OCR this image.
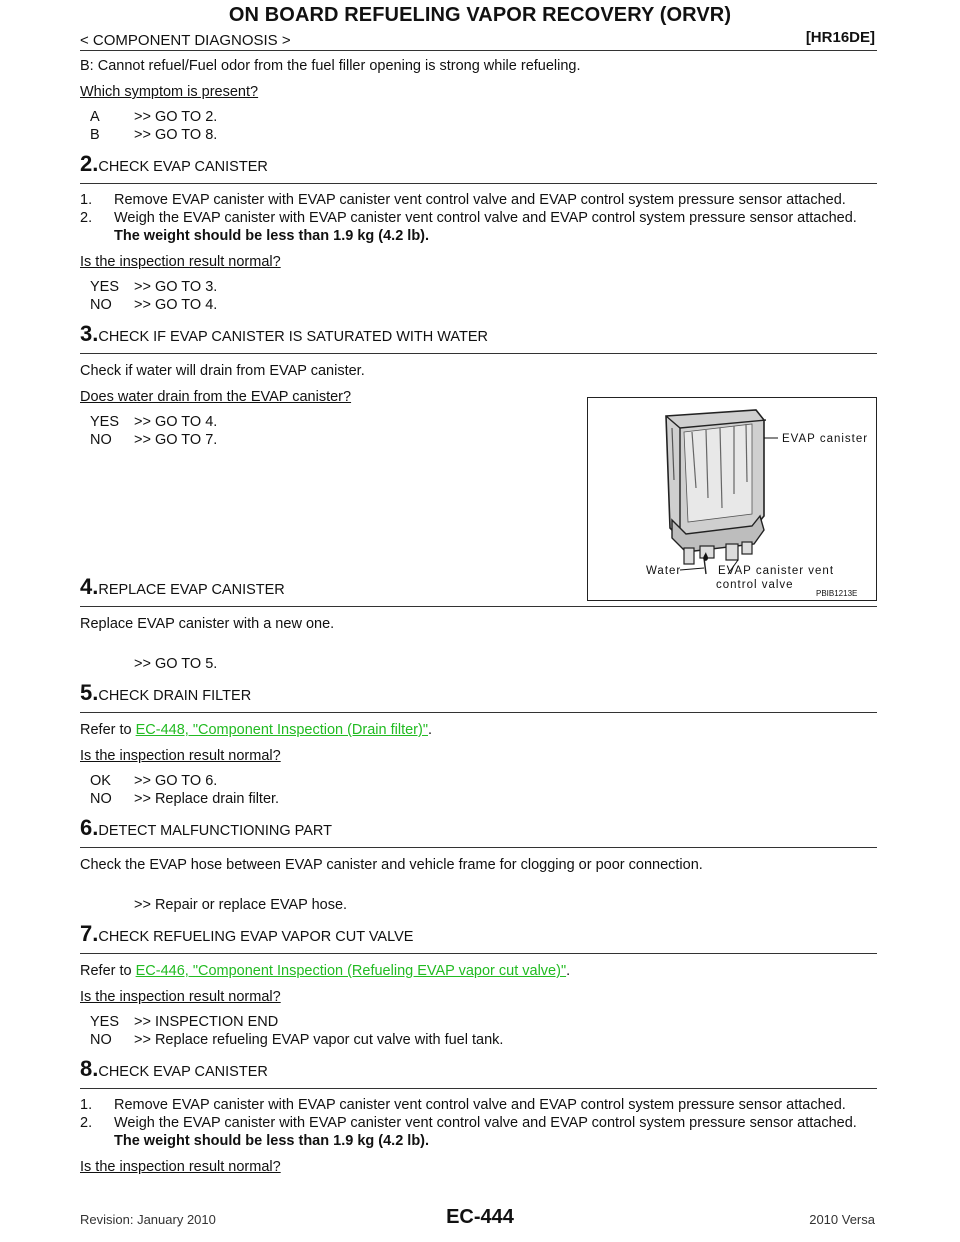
ON BOARD REFUELING VAPOR RECOVERY (ORVR)
< COMPONENT DIAGNOSIS >	[HR16DE]

B: Cannot refuel/Fuel odor from the fuel filler opening is strong while refueling.

Which symptom is present?

A	>> GO TO 2.
B	>> GO TO 8.
2.CHECK EVAP CANISTER
1.	Remove EVAP canister with EVAP canister vent control valve and EVAP control system pressure sensor attached.
2.	Weigh the EVAP canister with EVAP canister vent control valve and EVAP control system pressure sensor attached.
The weight should be less than 1.9 kg (4.2 lb).

Is the inspection result normal?

YES	>> GO TO 3.
NO	>> GO TO 4.
3.CHECK IF EVAP CANISTER IS SATURATED WITH WATER

Check if water will drain from EVAP canister.

Does water drain from the EVAP canister?

YES	>> GO TO 4.
NO	>> GO TO 7.
4.REPLACE EVAP CANISTER

Replace EVAP canister with a new one.

>> GO TO 5.
5.CHECK DRAIN FILTER

Refer to EC-448, "Component Inspection (Drain filter)".

Is the inspection result normal?

OK	>> GO TO 6.
NO	>> Replace drain filter.
6.DETECT MALFUNCTIONING PART

Check the EVAP hose between EVAP canister and vehicle frame for clogging or poor connection.

>> Repair or replace EVAP hose.
7.CHECK REFUELING EVAP VAPOR CUT VALVE

Refer to EC-446, "Component Inspection (Refueling EVAP vapor cut valve)".

Is the inspection result normal?

YES	>> INSPECTION END
NO	>> Replace refueling EVAP vapor cut valve with fuel tank.
8.CHECK EVAP CANISTER
1.	Remove EVAP canister with EVAP canister vent control valve and EVAP control system pressure sensor attached.
2.	Weigh the EVAP canister with EVAP canister vent control valve and EVAP control system pressure sensor attached.
The weight should be less than 1.9 kg (4.2 lb).

Is the inspection result normal?

EVAP canister
Water	EVAP canister vent
control valve
PBIB1213E
Revision: January 2010	EC-444	2010 Versa
